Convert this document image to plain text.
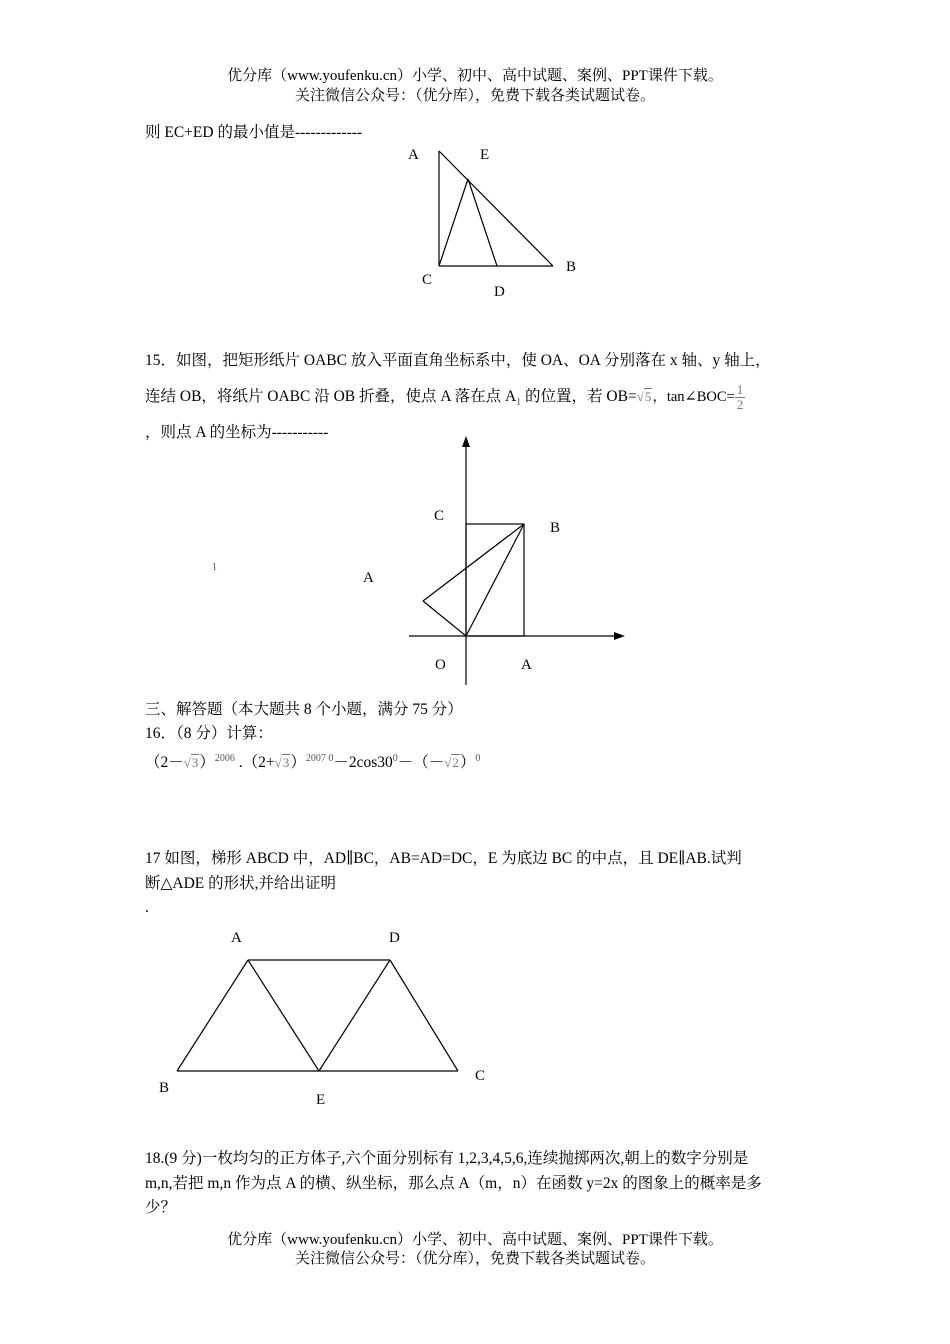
优分库（www.youfenku.cn）小学、初中、高中试题、案例、PPT课件下载。
关注微信公众号：（优分库），免费下载各类试题试卷。
则 EC+ED 的最小值是-------------
A	E
B
C
D
15．如图，把矩形纸片 OABC 放入平面直角坐标系中，使 OA、OA 分别落在 x 轴、y 轴上，
连结 OB，将纸片 OABC 沿 OB 折叠，使点 A 落在点 $A_1$ 的位置，若 OB=√5，tan∠BOC= $\frac{1}{2}$
，则点 A 的坐标为-----------
1
C
B
A
O	A
三、解答题（本大题共 8 个小题，满分 75 分）
16．（8 分）计算：
$(2-√3)^{2006}$ $.(2+√3)^{2007 0}-2\cos 30^0-(-√2)^0$
17 如图，梯形 ABCD 中，AD∥BC，AB=AD=DC，E 为底边 BC 的中点，且 DE∥AB.试判
断△ADE 的形状,并给出证明
.
A	D
B
E
C
18.(9 分)一枚均匀的正方体子,六个面分别标有 1,2,3,4,5,6,连续抛掷两次,朝上的数字分别是
m,n,若把 m,n 作为点 A 的横、纵坐标，那么点 A（m，n）在函数 y=2x 的图象上的概率是多
少？
优分库（www.youfenku.cn）小学、初中、高中试题、案例、PPT课件下载。
关注微信公众号：（优分库），免费下载各类试题试卷。
